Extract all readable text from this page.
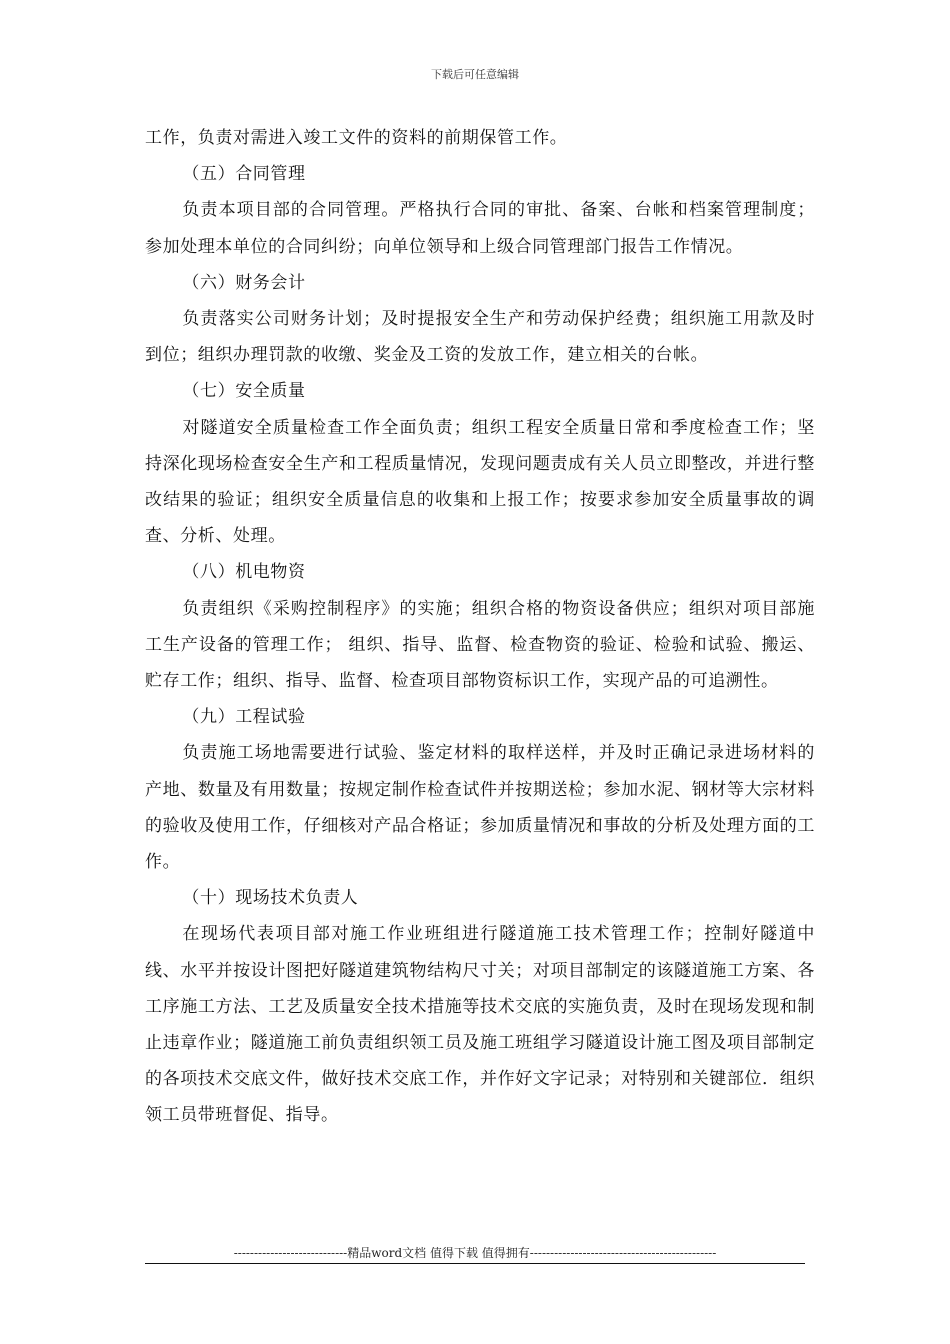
下载后可任意编辑

工作，负责对需进入竣工文件的资料的前期保管工作。

（五）合同管理

负责本项目部的合同管理。严格执行合同的审批、备案、台帐和档案管理制度；参加处理本单位的合同纠纷；向单位领导和上级合同管理部门报告工作情况。

（六）财务会计

负责落实公司财务计划；及时提报安全生产和劳动保护经费；组织施工用款及时到位；组织办理罚款的收缴、奖金及工资的发放工作，建立相关的台帐。

（七）安全质量

对隧道安全质量检查工作全面负责；组织工程安全质量日常和季度检查工作；坚持深化现场检查安全生产和工程质量情况，发现问题责成有关人员立即整改，并进行整改结果的验证；组织安全质量信息的收集和上报工作；按要求参加安全质量事故的调查、分析、处理。

（八）机电物资

负责组织《采购控制程序》的实施；组织合格的物资设备供应；组织对项目部施工生产设备的管理工作； 组织、指导、监督、检查物资的验证、检验和试验、搬运、贮存工作；组织、指导、监督、检查项目部物资标识工作，实现产品的可追溯性。

（九）工程试验

负责施工场地需要进行试验、鉴定材料的取样送样，并及时正确记录进场材料的产地、数量及有用数量；按规定制作检查试件并按期送检；参加水泥、钢材等大宗材料的验收及使用工作，仔细核对产品合格证；参加质量情况和事故的分析及处理方面的工作。

（十）现场技术负责人

在现场代表项目部对施工作业班组进行隧道施工技术管理工作；控制好隧道中线、水平并按设计图把好隧道建筑物结构尺寸关；对项目部制定的该隧道施工方案、各工序施工方法、工艺及质量安全技术措施等技术交底的实施负责，及时在现场发现和制止违章作业；隧道施工前负责组织领工员及施工班组学习隧道设计施工图及项目部制定的各项技术交底文件，做好技术交底工作，并作好文字记录；对特别和关键部位．组织领工员带班督促、指导。

----------------------------精品word文档 值得下载 值得拥有----------------------------------------------
